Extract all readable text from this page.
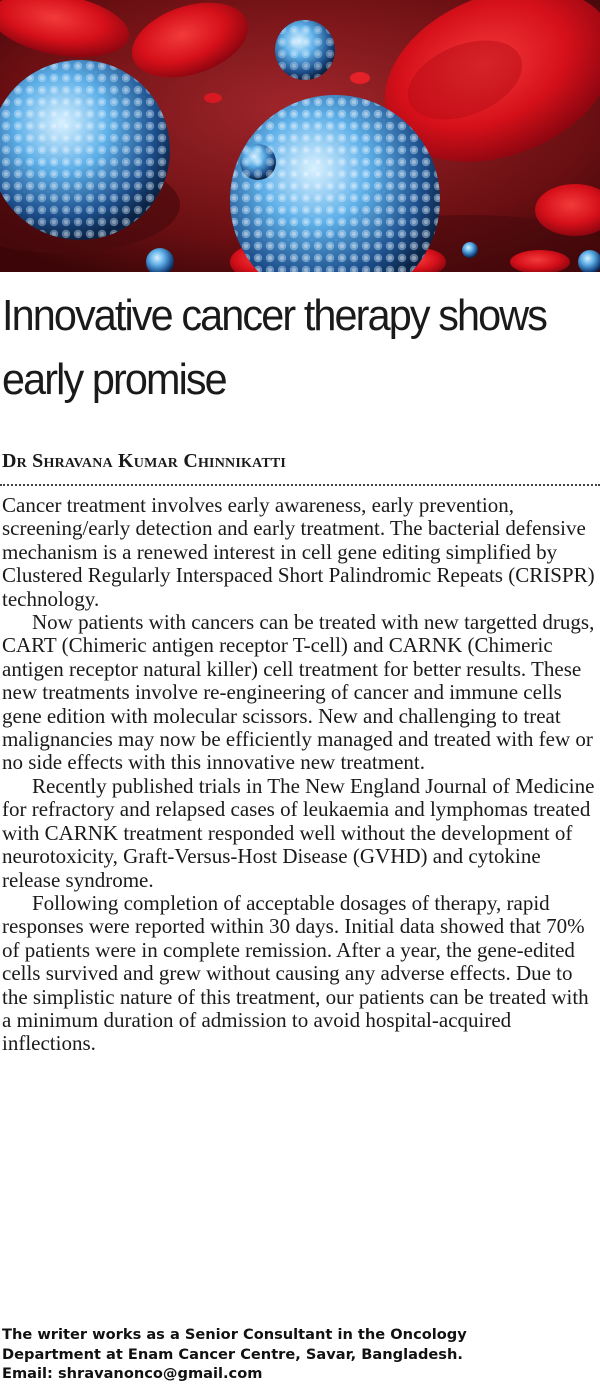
Innovative cancer therapy shows early promise
Dr Shravana Kumar Chinnikatti

Cancer treatment involves early awareness, early prevention, screening/early detection and early treatment. The bacterial defensive mechanism is a renewed interest in cell gene editing simplified by Clustered Regularly Interspaced Short Palindromic Repeats (CRISPR) technology.

Now patients with cancers can be treated with new targetted drugs, CART (Chimeric antigen receptor T-cell) and CARNK (Chimeric antigen receptor natural killer) cell treatment for better results. These new treatments involve re-engineering of cancer and immune cells gene edition with molecular scissors. New and challenging to treat malignancies may now be efficiently managed and treated with few or no side effects with this innovative new treatment.

Recently published trials in The New England Journal of Medicine for refractory and relapsed cases of leukaemia and lymphomas treated with CARNK treatment responded well without the development of neurotoxicity, Graft-Versus-Host Disease (GVHD) and cytokine release syndrome.

Following completion of acceptable dosages of therapy, rapid responses were reported within 30 days. Initial data showed that 70% of patients were in complete remission. After a year, the gene-edited cells survived and grew without causing any adverse effects. Due to the simplistic nature of this treatment, our patients can be treated with a minimum duration of admission to avoid hospital-acquired inflections.

The writer works as a Senior Consultant in the Oncology
Department at Enam Cancer Centre, Savar, Bangladesh.
Email: shravanonco@gmail.com
